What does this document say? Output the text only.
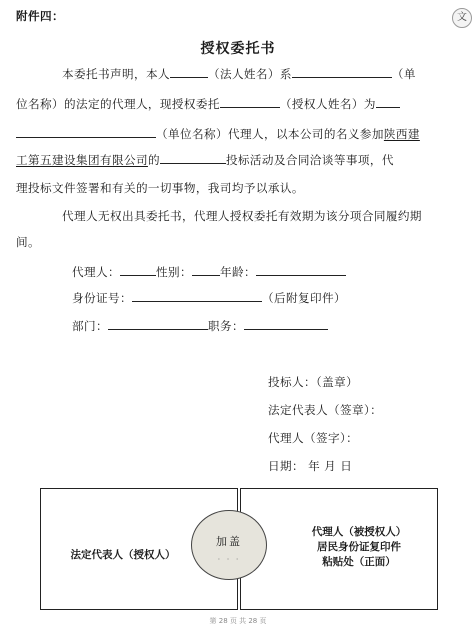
文
附件四：
授权委托书
本委托书声明，本人	（法人姓名）系	（单
位名称）的法定的代理人，现授权委托	（授权人姓名）为
（单位名称）代理人，以本公司的名义参加陕西建
工第五建设集团有限公司的	投标活动及合同洽谈等事项，代
理投标文件签署和有关的一切事物，我司均予以承认。
代理人无权出具委托书，代理人授权委托有效期为该分项合同履约期
间。
代理人：	性别： 年龄：
身份证号：	（后附复印件）
部门：	职务：
投标人：（盖章）
法定代表人（签章）：
代理人（签字）：
日期： 年 月 日
法定代表人（授权人）
代理人（被授权人）
居民身份证复印件
粘贴处（正面）
加盖
· · ·
第 28 页 共 28 页
